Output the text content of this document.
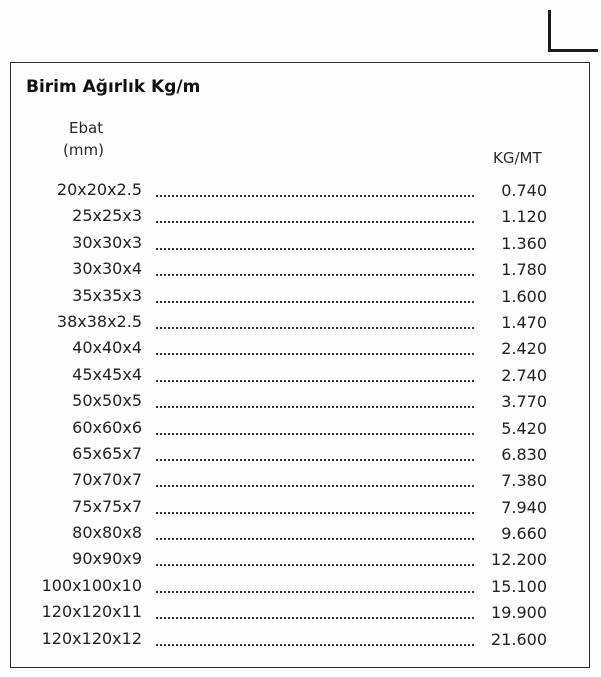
Birim Ağırlık Kg/m
Ebat
(mm)	KG/MT
20x20x2.5	0.740
25x25x3	1.120
30x30x3	1.360
30x30x4	1.780
35x35x3	1.600
38x38x2.5	1.470
40x40x4	2.420
45x45x4	2.740
50x50x5	3.770
60x60x6	5.420
65x65x7	6.830
70x70x7	7.380
75x75x7	7.940
80x80x8	9.660
90x90x9	12.200
100x100x10	15.100
120x120x11	19.900
120x120x12	21.600
